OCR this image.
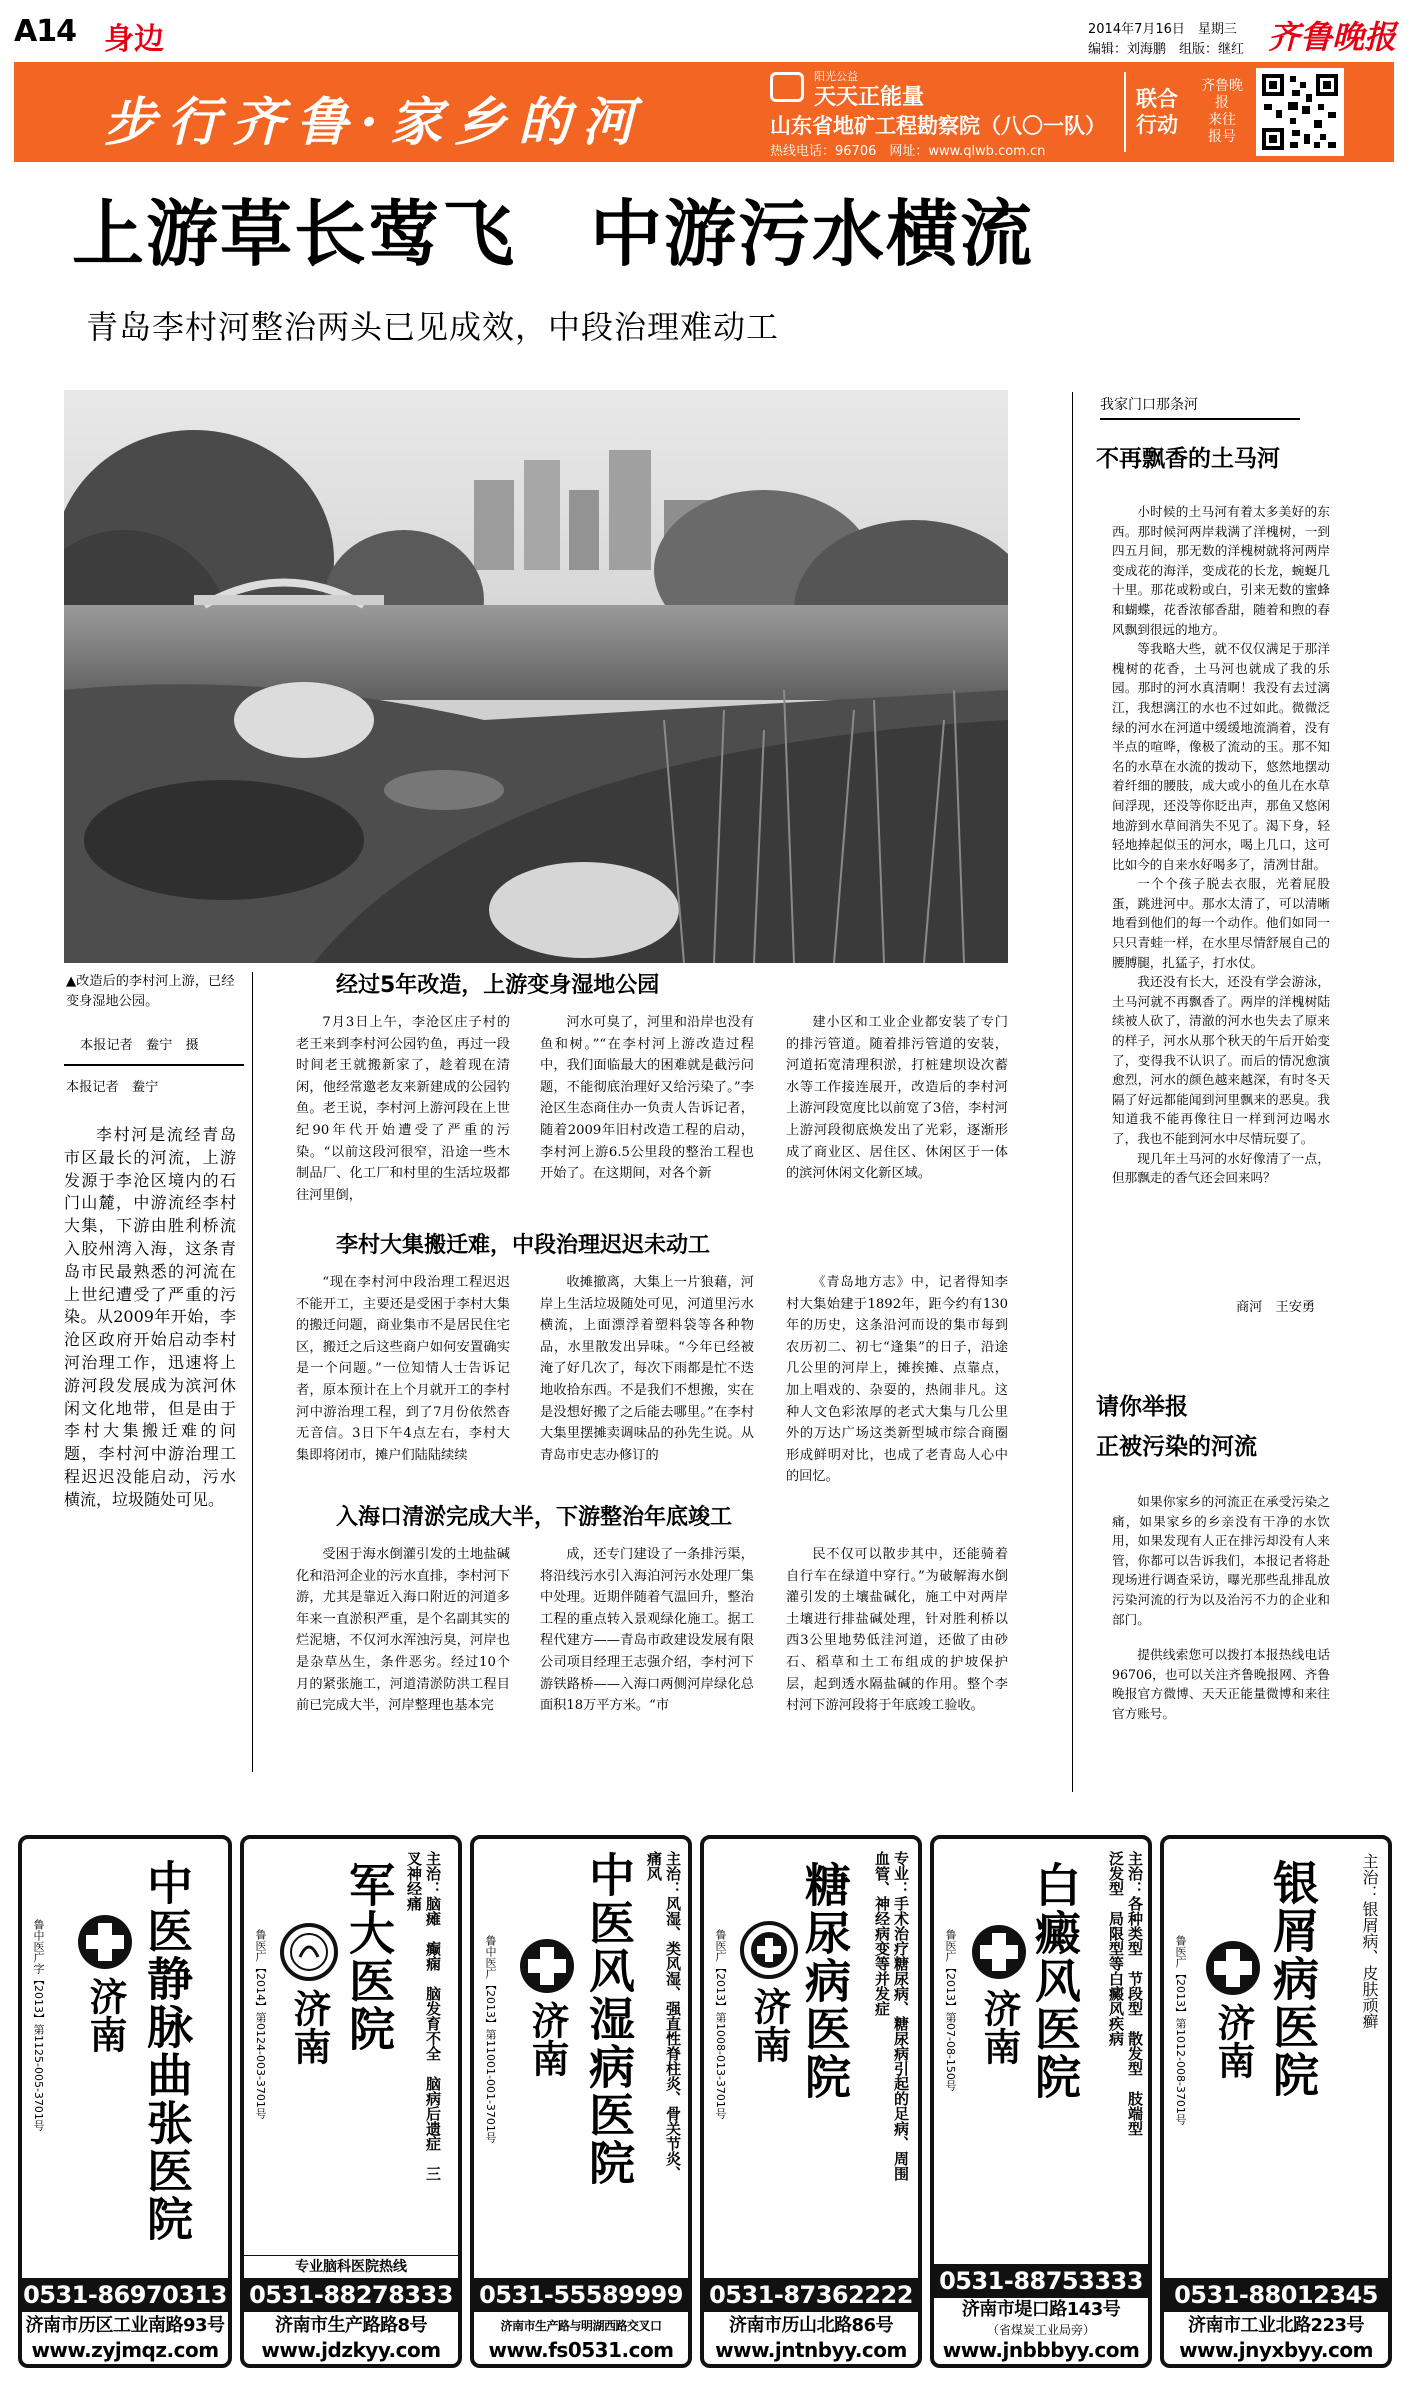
A14 身边	2014年7月16日　星期三
编辑：刘海鹏　组版：继红 齐鲁晚报
步行齐鲁·家乡的河
阳光公益
天天正能量
山东省地矿工程勘察院（八〇一队）
热线电话：96706　网址：www.qlwb.com.cn
联合行动
齐鲁晚报
来往
报号
上游草长莺飞　中游污水横流
青岛李村河整治两头已见成效，中段治理难动工
▲改造后的李村河上游，已经变身湿地公园。
本报记者　鲞宁　摄
本报记者　鲞宁

李村河是流经青岛市区最长的河流，上游发源于李沧区境内的石门山麓，中游流经李村大集，下游由胜利桥流入胶州湾入海，这条青岛市民最熟悉的河流在上世纪遭受了严重的污染。从2009年开始，李沧区政府开始启动李村河治理工作，迅速将上游河段发展成为滨河休闲文化地带，但是由于李村大集搬迁难的问题，李村河中游治理工程迟迟没能启动，污水横流，垃圾随处可见。

经过5年改造，上游变身湿地公园

7月3日上午，李沧区庄子村的老王来到李村河公园钓鱼，再过一段时间老王就搬新家了，趁着现在清闲，他经常邀老友来新建成的公园钓鱼。老王说，李村河上游河段在上世纪90年代开始遭受了严重的污染。“以前这段河很窄，沿途一些木制品厂、化工厂和村里的生活垃圾都往河里倒，

河水可臭了，河里和沿岸也没有鱼和树。”“在李村河上游改造过程中，我们面临最大的困难就是截污问题，不能彻底治理好又给污染了。”李沧区生态商住办一负责人告诉记者，随着2009年旧村改造工程的启动，李村河上游6.5公里段的整治工程也开始了。在这期间，对各个新

建小区和工业企业都安装了专门的排污管道。随着排污管道的安装，河道拓宽清理积淤，打桩建坝设次蓄水等工作接连展开，改造后的李村河上游河段宽度比以前宽了3倍，李村河上游河段彻底焕发出了光彩，逐渐形成了商业区、居住区、休闲区于一体的滨河休闲文化新区域。

李村大集搬迁难，中段治理迟迟未动工

“现在李村河中段治理工程迟迟不能开工，主要还是受困于李村大集的搬迁问题，商业集市不是居民住宅区，搬迁之后这些商户如何安置确实是一个问题。”一位知情人士告诉记者，原本预计在上个月就开工的李村河中游治理工程，到了7月份依然杳无音信。3日下午4点左右，李村大集即将闭市，摊户们陆陆续续

收摊撤离，大集上一片狼藉，河岸上生活垃圾随处可见，河道里污水横流，上面漂浮着塑料袋等各种物品，水里散发出异味。“今年已经被淹了好几次了，每次下雨都是忙不迭地收拾东西。不是我们不想搬，实在是没想好搬了之后能去哪里。”在李村大集里摆摊卖调味品的孙先生说。从青岛市史志办修订的

《青岛地方志》中，记者得知李村大集始建于1892年，距今约有130年的历史，这条沿河而设的集市每到农历初二、初七“逢集”的日子，沿途几公里的河岸上，摊挨摊、点靠点，加上唱戏的、杂耍的，热闹非凡。这种人文色彩浓厚的老式大集与几公里外的万达广场这类新型城市综合商圈形成鲜明对比，也成了老青岛人心中的回忆。

入海口清淤完成大半，下游整治年底竣工

受困于海水倒灌引发的土地盐碱化和沿河企业的污水直排，李村河下游，尤其是靠近入海口附近的河道多年来一直淤积严重，是个名副其实的烂泥塘，不仅河水浑浊污臭，河岸也是杂草丛生，条件恶劣。经过10个月的紧张施工，河道清淤防洪工程目前已完成大半，河岸整理也基本完

成，还专门建设了一条排污渠，将沿线污水引入海泊河污水处理厂集中处理。近期伴随着气温回升，整治工程的重点转入景观绿化施工。据工程代建方——青岛市政建设发展有限公司项目经理王志强介绍，李村河下游铁路桥——入海口两侧河岸绿化总面积18万平方米。“市

民不仅可以散步其中，还能骑着自行车在绿道中穿行。”为破解海水倒灌引发的土壤盐碱化，施工中对两岸土壤进行排盐碱处理，针对胜利桥以西3公里地势低洼河道，还做了由砂石、稻草和土工布组成的护坡保护层，起到透水隔盐碱的作用。整个李村河下游河段将于年底竣工验收。

我家门口那条河
不再飘香的土马河

小时候的土马河有着太多美好的东西。那时候河两岸栽满了洋槐树，一到四五月间，那无数的洋槐树就将河两岸变成花的海洋，变成花的长龙，蜿蜒几十里。那花或粉或白，引来无数的蜜蜂和蝴蝶，花香浓郁香甜，随着和煦的春风飘到很远的地方。

等我略大些，就不仅仅满足于那洋槐树的花香，土马河也就成了我的乐园。那时的河水真清啊！我没有去过漓江，我想漓江的水也不过如此。微微泛绿的河水在河道中缓缓地流淌着，没有半点的喧哗，像极了流动的玉。那不知名的水草在水流的拨动下，悠然地摆动着纤细的腰肢，成大或小的鱼儿在水草间浮现，还没等你眨出声，那鱼又悠闲地游到水草间消失不见了。渴下身，轻轻地捧起似玉的河水，喝上几口，这可比如今的自来水好喝多了，清冽甘甜。

一个个孩子脱去衣服，光着屁股蛋，跳进河中。那水太清了，可以清晰地看到他们的每一个动作。他们如同一只只青蛙一样，在水里尽情舒展自己的腰膊腿，扎猛子，打水仗。

我还没有长大，还没有学会游泳，土马河就不再飘香了。两岸的洋槐树陆续被人砍了，清澈的河水也失去了原来的样子，河水从那个秋天的午后开始变了，变得我不认识了。而后的情况愈演愈烈，河水的颜色越来越深，有时冬天隔了好远都能闻到河里飘来的恶臭。我知道我不能再像往日一样到河边喝水了，我也不能到河水中尽情玩耍了。

现几年土马河的水好像清了一点，但那飘走的香气还会回来吗？

商河　王安勇
请你举报
正被污染的河流

如果你家乡的河流正在承受污染之痛，如果家乡的乡亲没有干净的水饮用，如果发现有人正在排污却没有人来管，你都可以告诉我们，本报记者将赴现场进行调查采访，曝光那些乱排乱放污染河流的行为以及治污不力的企业和部门。

提供线索您可以拨打本报热线电话96706，也可以关注齐鲁晚报网、齐鲁晚报官方微博、天天正能量微博和来往官方账号。

中医静脉曲张医院
济南
鲁中医广字【2013】第1125-005-3701号
0531-86970313
济南市历区工业南路93号
www.zyjmqz.com
主治：脑瘫　癫痫　脑发育不全　脑病后遗症　三叉神经痛
军大医院
济南
鲁医广【2014】第0124-003-3701号
专业脑科医院热线
0531-88278333
济南市生产路路8号
www.jdzkyy.com
主治：风湿、类风湿、强直性脊柱炎、骨关节炎、痛风
中医风湿病医院
济南
鲁中医广【2013】第11001-001-3701号
0531-55589999
济南市生产路与明湖西路交叉口
www.fs0531.com
专业：手术治疗糖尿病、糖尿病引起的足病、周围血管、神经病变等并发症
糖尿病医院
济南
鲁医广【2013】第1008-013-3701号
0531-87362222
济南市历山北路86号
www.jntnbyy.com
主治：各种类型　节段型　散发型　肢端型　泛发型　局限型等白癜风疾病
白癜风医院
济南
鲁医广【2013】第07-08-150号
0531-88753333
济南市堤口路143号
（省煤炭工业局旁）
www.jnbbbyy.com
主治：银屑病、皮肤顽癣
银屑病医院
济南
鲁医广【2013】第1012-008-3701号
0531-88012345
济南市工业北路223号
www.jnyxbyy.com
